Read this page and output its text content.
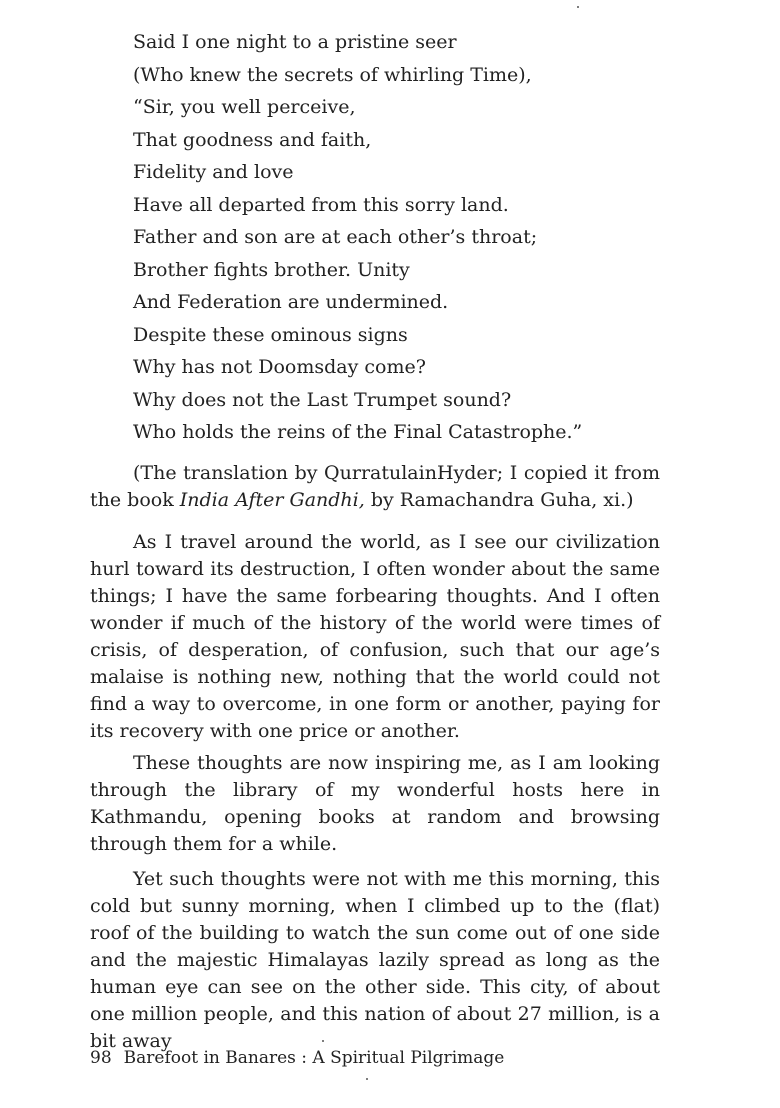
Said I one night to a pristine seer
(Who knew the secrets of whirling Time),
“Sir, you well perceive,
That goodness and faith,
Fidelity and love
Have all departed from this sorry land.
Father and son are at each other’s throat;
Brother fights brother. Unity
And Federation are undermined.
Despite these ominous signs
Why has not Doomsday come?
Why does not the Last Trumpet sound?
Who holds the reins of the Final Catastrophe.”

(The translation by QurratulainHyder; I copied it from the book India After Gandhi, by Ramachandra Guha, xi.)

As I travel around the world, as I see our civilization hurl toward its destruction, I often wonder about the same things; I have the same forbearing thoughts. And I often wonder if much of the history of the world were times of crisis, of desperation, of confusion, such that our age’s malaise is nothing new, nothing that the world could not find a way to overcome, in one form or another, paying for its recovery with one price or another.

These thoughts are now inspiring me, as I am looking through the library of my wonderful hosts here in Kathmandu, opening books at random and browsing through them for a while.

Yet such thoughts were not with me this morning, this cold but sunny morning, when I climbed up to the (flat) roof of the building to watch the sun come out of one side and the majestic Himalayas lazily spread as long as the human eye can see on the other side. This city, of about one million people, and this nation of about 27 million, is a bit away

98 Barefoot in Banares : A Spiritual Pilgrimage
